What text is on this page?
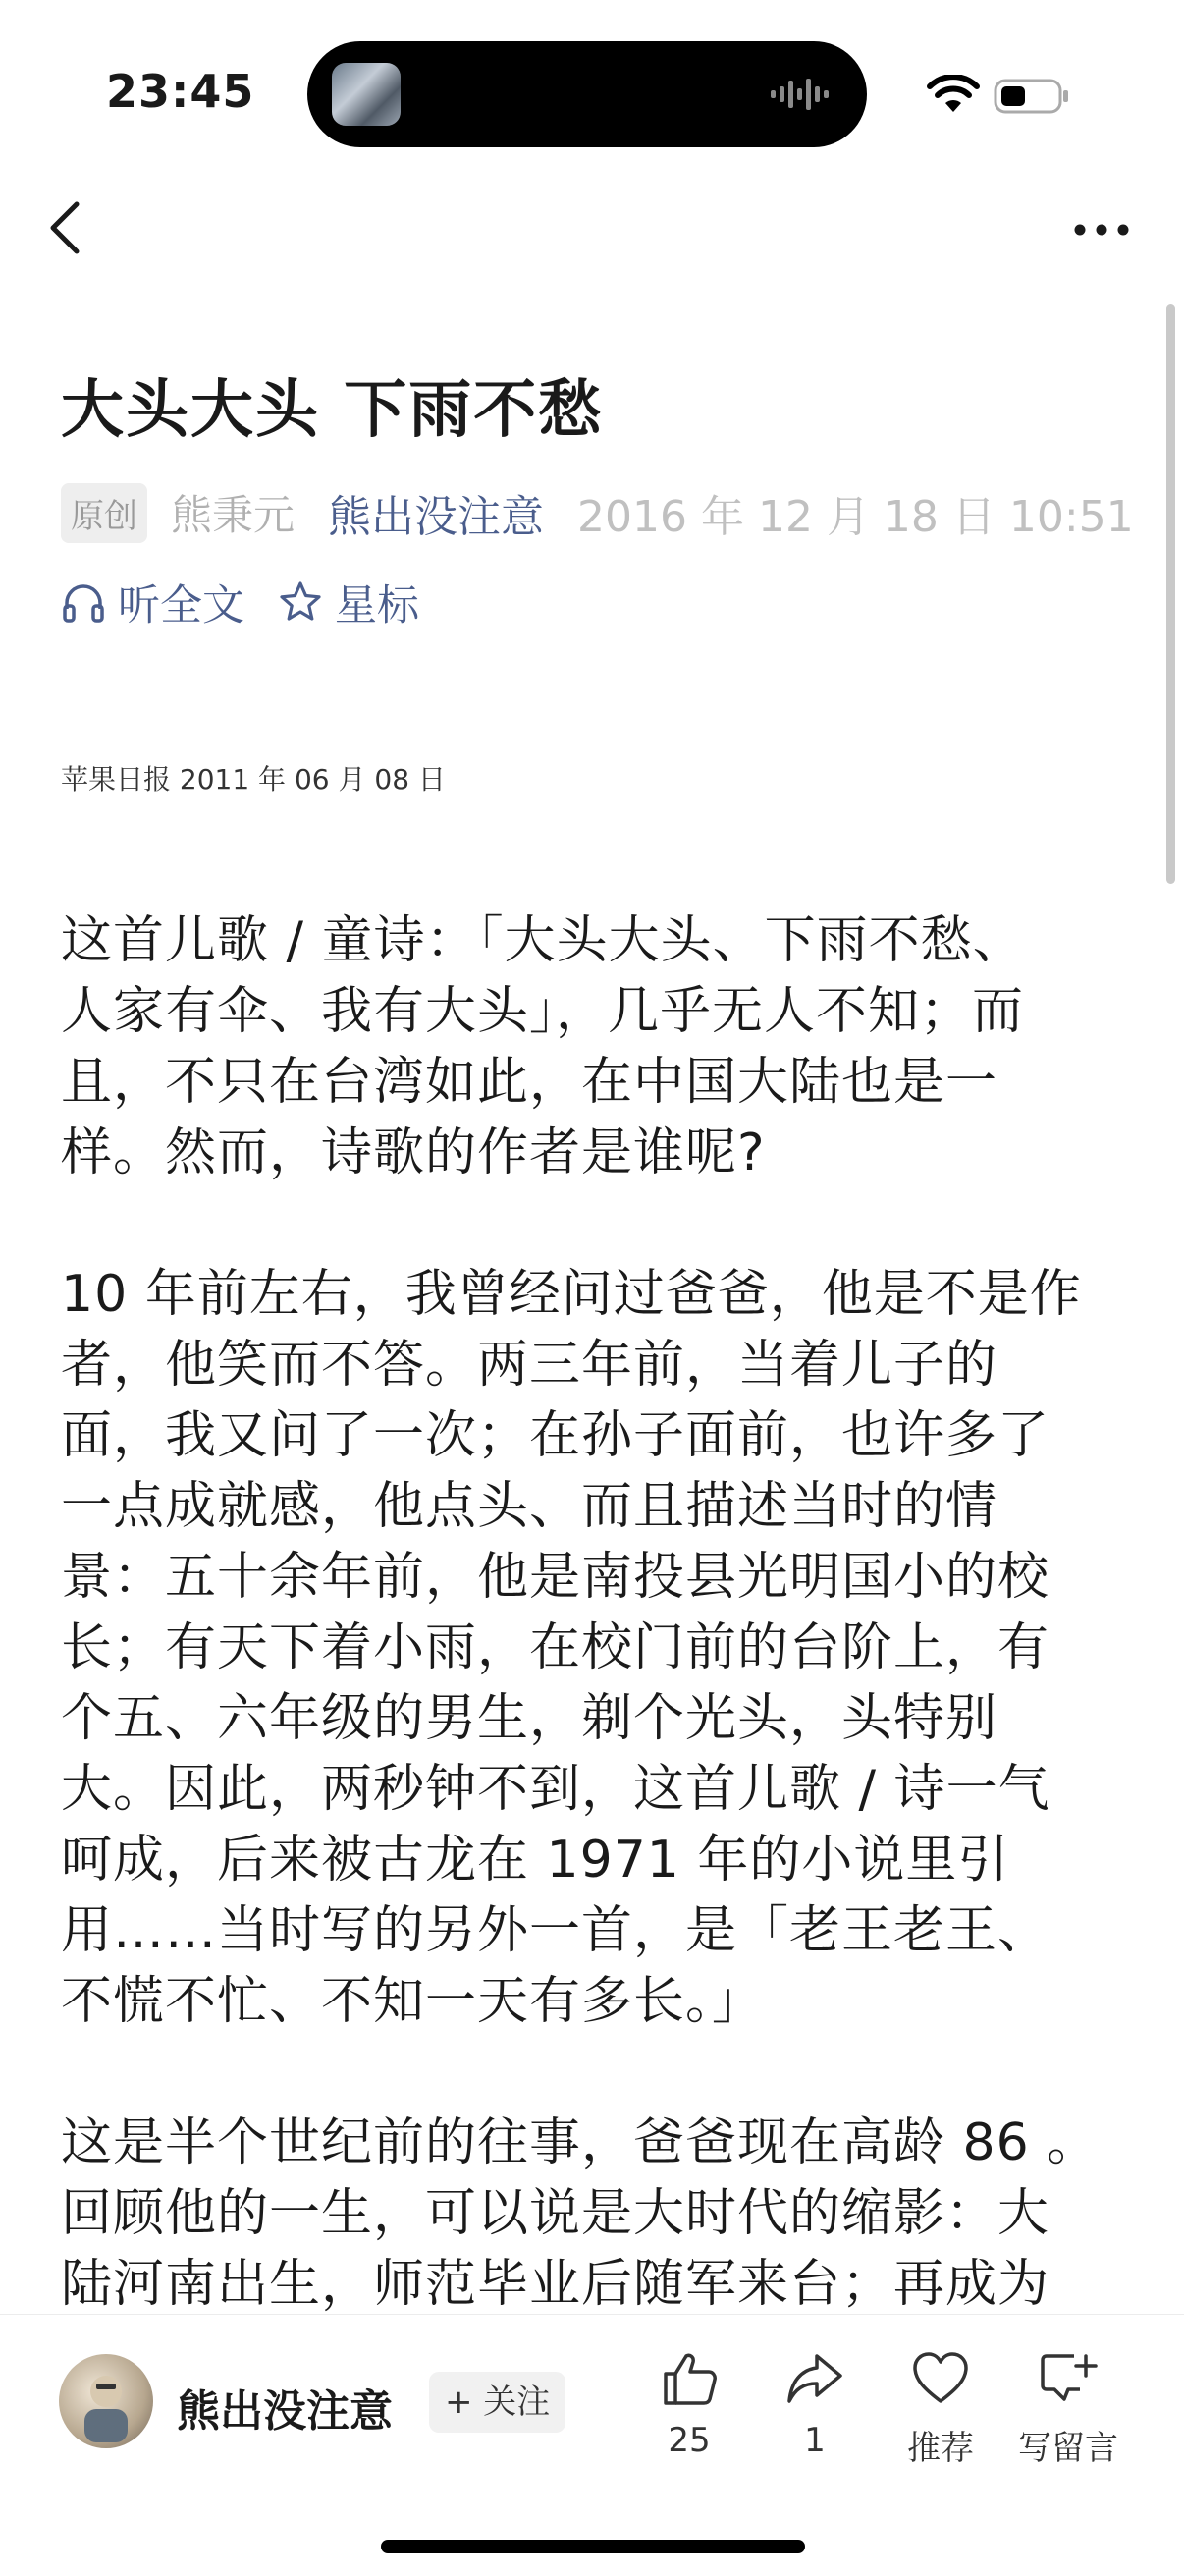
23:45
大头大头 下雨不愁
原创 熊秉元 熊出没注意 2016 年 12 月 18 日 10:51
听全文 星标
苹果日报 2011 年 06 月 08 日

这首儿歌 / 童诗：「大头大头、下雨不愁、
人家有伞、我有大头」，几乎无人不知；而
且，不只在台湾如此，在中国大陆也是一
样。然而，诗歌的作者是谁呢?

10 年前左右，我曾经问过爸爸，他是不是作
者，他笑而不答。两三年前，当着儿子的
面，我又问了一次；在孙子面前，也许多了
一点成就感，他点头、而且描述当时的情
景：五十余年前，他是南投县光明国小的校
长；有天下着小雨，在校门前的台阶上，有
个五、六年级的男生，剃个光头，头特别
大。因此，两秒钟不到，这首儿歌 / 诗一气
呵成，后来被古龙在 1971 年的小说里引
用……当时写的另外一首，是「老王老王、
不慌不忙、不知一天有多长。」

这是半个世纪前的往事，爸爸现在高龄 86 。
回顾他的一生，可以说是大时代的缩影：大
陆河南出生，师范毕业后随军来台；再成为

熊出没注意	+ 关注
25	1	推荐	写留言
